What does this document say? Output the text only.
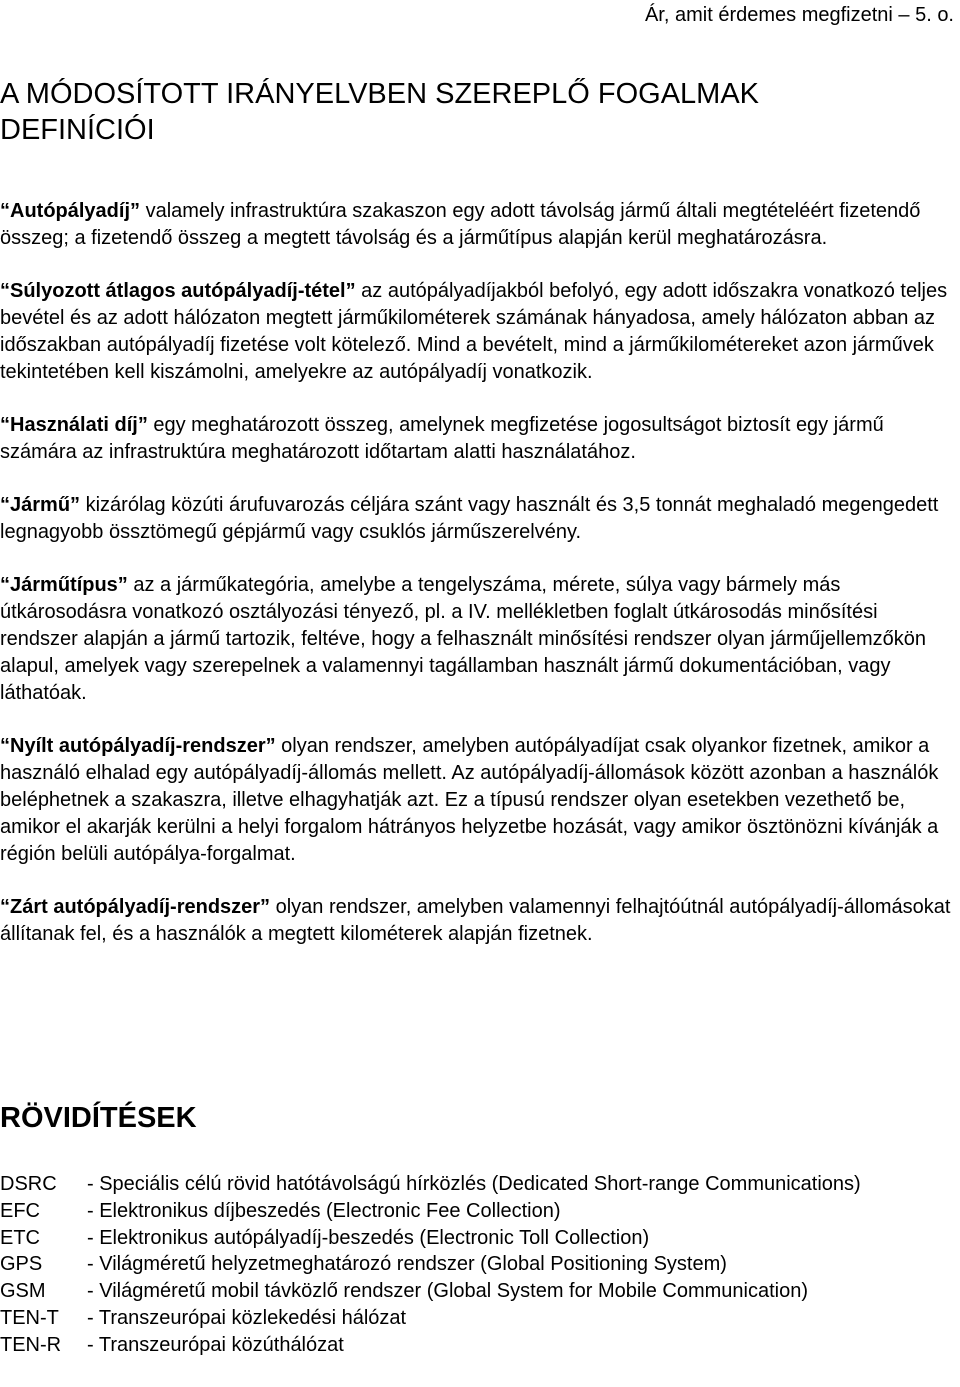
Ár, amit érdemes megfizetni – 5. o.
A MÓDOSÍTOTT IRÁNYELVBEN SZEREPLŐ FOGALMAK DEFINÍCIÓI

“Autópályadíj” valamely infrastruktúra szakaszon egy adott távolság jármű általi megtételéért fizetendő összeg; a fizetendő összeg a megtett távolság és a járműtípus alapján kerül meghatározásra.

“Súlyozott átlagos autópályadíj-tétel” az autópályadíjakból befolyó, egy adott időszakra vonatkozó teljes bevétel és az adott hálózaton megtett járműkilométerek számának hányadosa, amely hálózaton abban az időszakban autópályadíj fizetése volt kötelező. Mind a bevételt, mind a járműkilométereket azon járművek tekintetében kell kiszámolni, amelyekre az autópályadíj vonatkozik.

“Használati díj” egy meghatározott összeg, amelynek megfizetése jogosultságot biztosít egy jármű számára az infrastruktúra meghatározott időtartam alatti használatához.

“Jármű” kizárólag közúti árufuvarozás céljára szánt vagy használt és 3,5 tonnát meghaladó megengedett legnagyobb össztömegű gépjármű vagy csuklós járműszerelvény.

“Járműtípus” az a járműkategória, amelybe a tengelyszáma, mérete, súlya vagy bármely más útkárosodásra vonatkozó osztályozási tényező, pl. a IV. mellékletben foglalt útkárosodás minősítési rendszer alapján a jármű tartozik, feltéve, hogy a felhasznált minősítési rendszer olyan járműjellemzőkön alapul, amelyek vagy szerepelnek a valamennyi tagállamban használt jármű dokumentációban, vagy láthatóak.

“Nyílt autópályadíj-rendszer” olyan rendszer, amelyben autópályadíjat csak olyankor fizetnek, amikor a használó elhalad egy autópályadíj-állomás mellett. Az autópályadíj-állomások között azonban a használók beléphetnek a szakaszra, illetve elhagyhatják azt. Ez a típusú rendszer olyan esetekben vezethető be, amikor el akarják kerülni a helyi forgalom hátrányos helyzetbe hozását, vagy amikor ösztönözni kívánják a régión belüli autópálya-forgalmat.

“Zárt autópályadíj-rendszer” olyan rendszer, amelyben valamennyi felhajtóútnál autópályadíj-állomásokat állítanak fel, és a használók a megtett kilométerek alapján fizetnek.

RÖVIDÍTÉSEK
DSRC	- Speciális célú rövid hatótávolságú hírközlés (Dedicated Short-range Communications)
EFC	- Elektronikus díjbeszedés (Electronic Fee Collection)
ETC	- Elektronikus autópályadíj-beszedés (Electronic Toll Collection)
GPS	- Világméretű helyzetmeghatározó rendszer (Global Positioning System)
GSM	- Világméretű mobil távközlő rendszer (Global System for Mobile Communication)
TEN-T	- Transzeurópai közlekedési hálózat
TEN-R	- Transzeurópai közúthálózat
